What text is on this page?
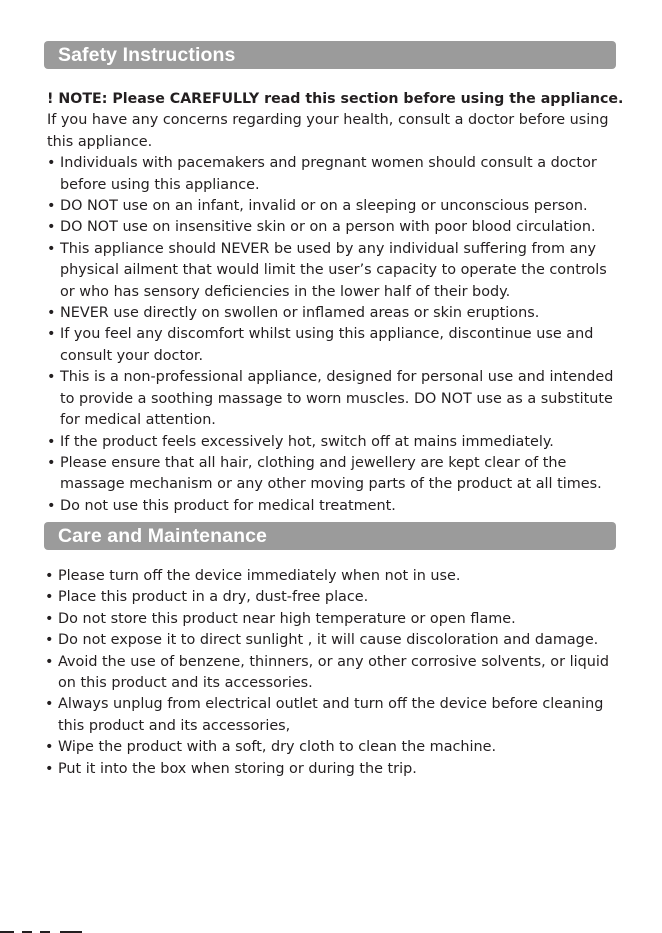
Safety Instructions
! NOTE: Please CAREFULLY read this section before using the appliance.

If you have any concerns regarding your health, consult a doctor before using this appliance.

• Individuals with pacemakers and pregnant women should consult a doctor before using this appliance.
• DO NOT use on an infant, invalid or on a sleeping or unconscious person.
• DO NOT use on insensitive skin or on a person with poor blood circulation.
• This appliance should NEVER be used by any individual suffering from any physical ailment that would limit the user’s capacity to operate the controls or who has sensory deficiencies in the lower half of their body.
• NEVER use directly on swollen or inflamed areas or skin eruptions.
• If you feel any discomfort whilst using this appliance, discontinue use and consult your doctor.
• This is a non-professional appliance, designed for personal use and intended to provide a soothing massage to worn muscles. DO NOT use as a substitute for medical attention.
• If the product feels excessively hot, switch off at mains immediately.
• Please ensure that all hair, clothing and jewellery are kept clear of the massage mechanism or any other moving parts of the product at all times.
• Do not use this product for medical treatment.
Care and Maintenance
• Please turn off the device immediately when not in use.
• Place this product in a dry, dust-free place.
• Do not store this product near high temperature or open flame.
• Do not expose it to direct sunlight , it will cause discoloration and damage.
• Avoid the use of benzene, thinners, or any other corrosive solvents, or liquid on this product and its accessories.
• Always unplug from electrical outlet and turn off the device before cleaning this product and its accessories,
• Wipe the product with a soft, dry cloth to clean the machine.
• Put it into the box when storing or during the trip.
